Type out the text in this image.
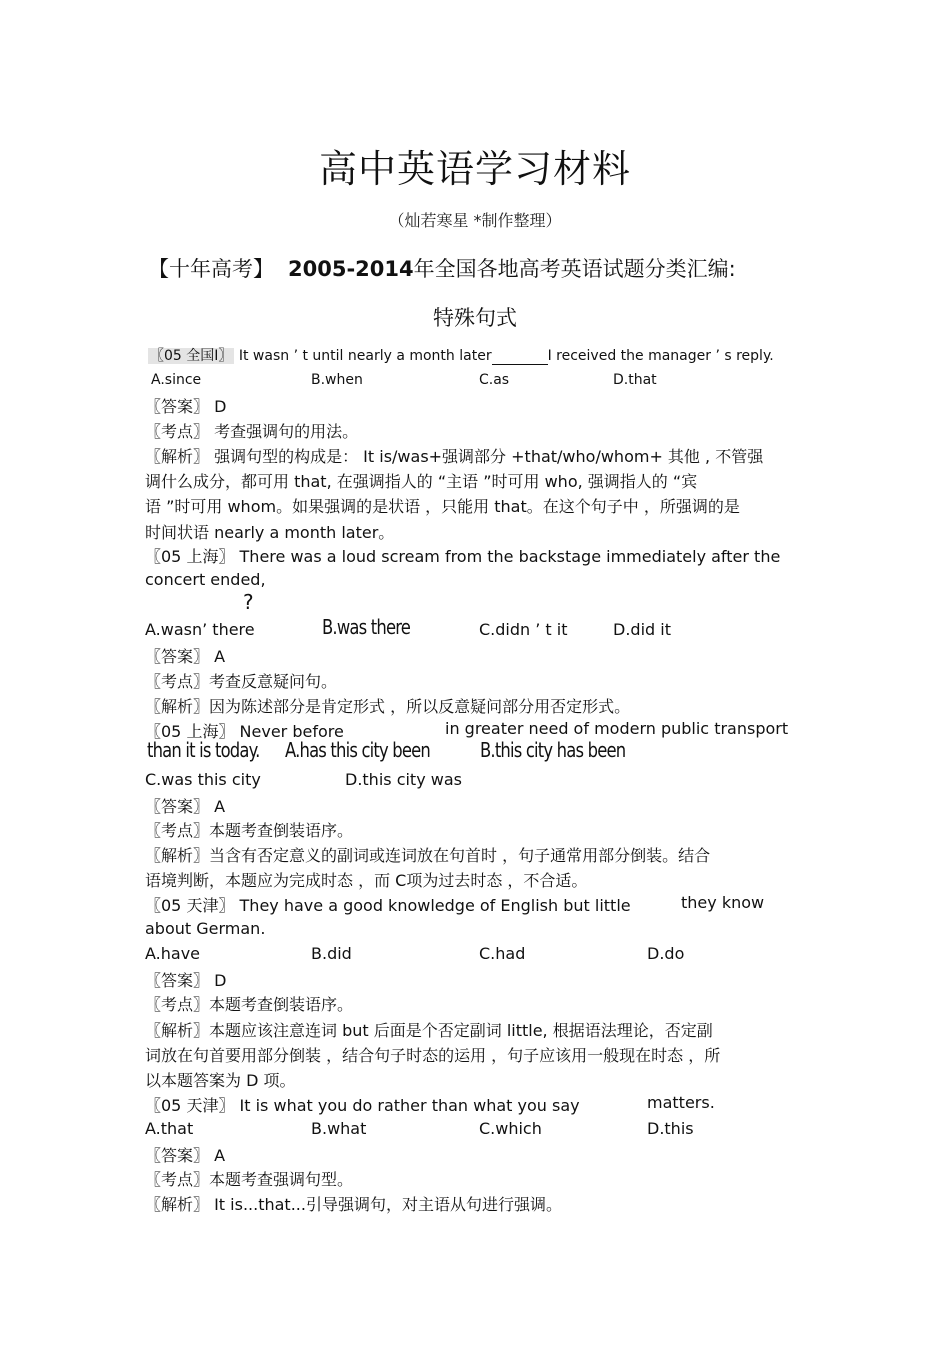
高中英语学习材料
（灿若寒星 *制作整理）
【十年高考】 2005-2014年全国各地高考英语试题分类汇编:
特殊句式
〖05 全国Ⅰ〗 It wasn ’ t until nearly a month later	I received the manager ’ s reply.
A.since	B.when	C.as	D.that
〖答案〗 D
〖考点〗 考查强调句的用法。
〖解析〗 强调句型的构成是： It is/was+强调部分 +that/who/whom+ 其他 , 不管强
调什么成分，都可用 that, 在强调指人的 “主语 ”时可用 who, 强调指人的 “宾
语 ”时可用 whom。如果强调的是状语 ，只能用 that。在这个句子中 ，所强调的是
时间状语 nearly a month later。
〖05 上海〗 There was a loud scream from the backstage immediately after the
concert ended,
?
A.wasn’ there	B.was there	C.didn ’ t it	D.did it
〖答案〗 A
〖考点〗考查反意疑问句。
〖解析〗因为陈述部分是肯定形式 ，所以反意疑问部分用否定形式。
〖05 上海〗 Never before	in greater need of modern public transport
than it is today. A.has this city been	B.this city has been
C.was this city	D.this city was
〖答案〗 A
〖考点〗本题考查倒装语序。
〖解析〗当含有否定意义的副词或连词放在句首时 ，句子通常用部分倒装。结合
语境判断，本题应为完成时态 ，而 C项为过去时态 ，不合适。
〖05 天津〗 They have a good knowledge of English but little	they know
about German.
A.have	B.did	C.had	D.do
〖答案〗 D
〖考点〗本题考查倒装语序。
〖解析〗本题应该注意连词 but 后面是个否定副词 little, 根据语法理论，否定副
词放在句首要用部分倒装 ，结合句子时态的运用 ，句子应该用一般现在时态 ，所
以本题答案为 D 项。
〖05 天津〗 It is what you do rather than what you say	matters.
A.that	B.what	C.which	D.this
〖答案〗 A
〖考点〗本题考查强调句型。
〖解析〗 It is...that...引导强调句，对主语从句进行强调。
